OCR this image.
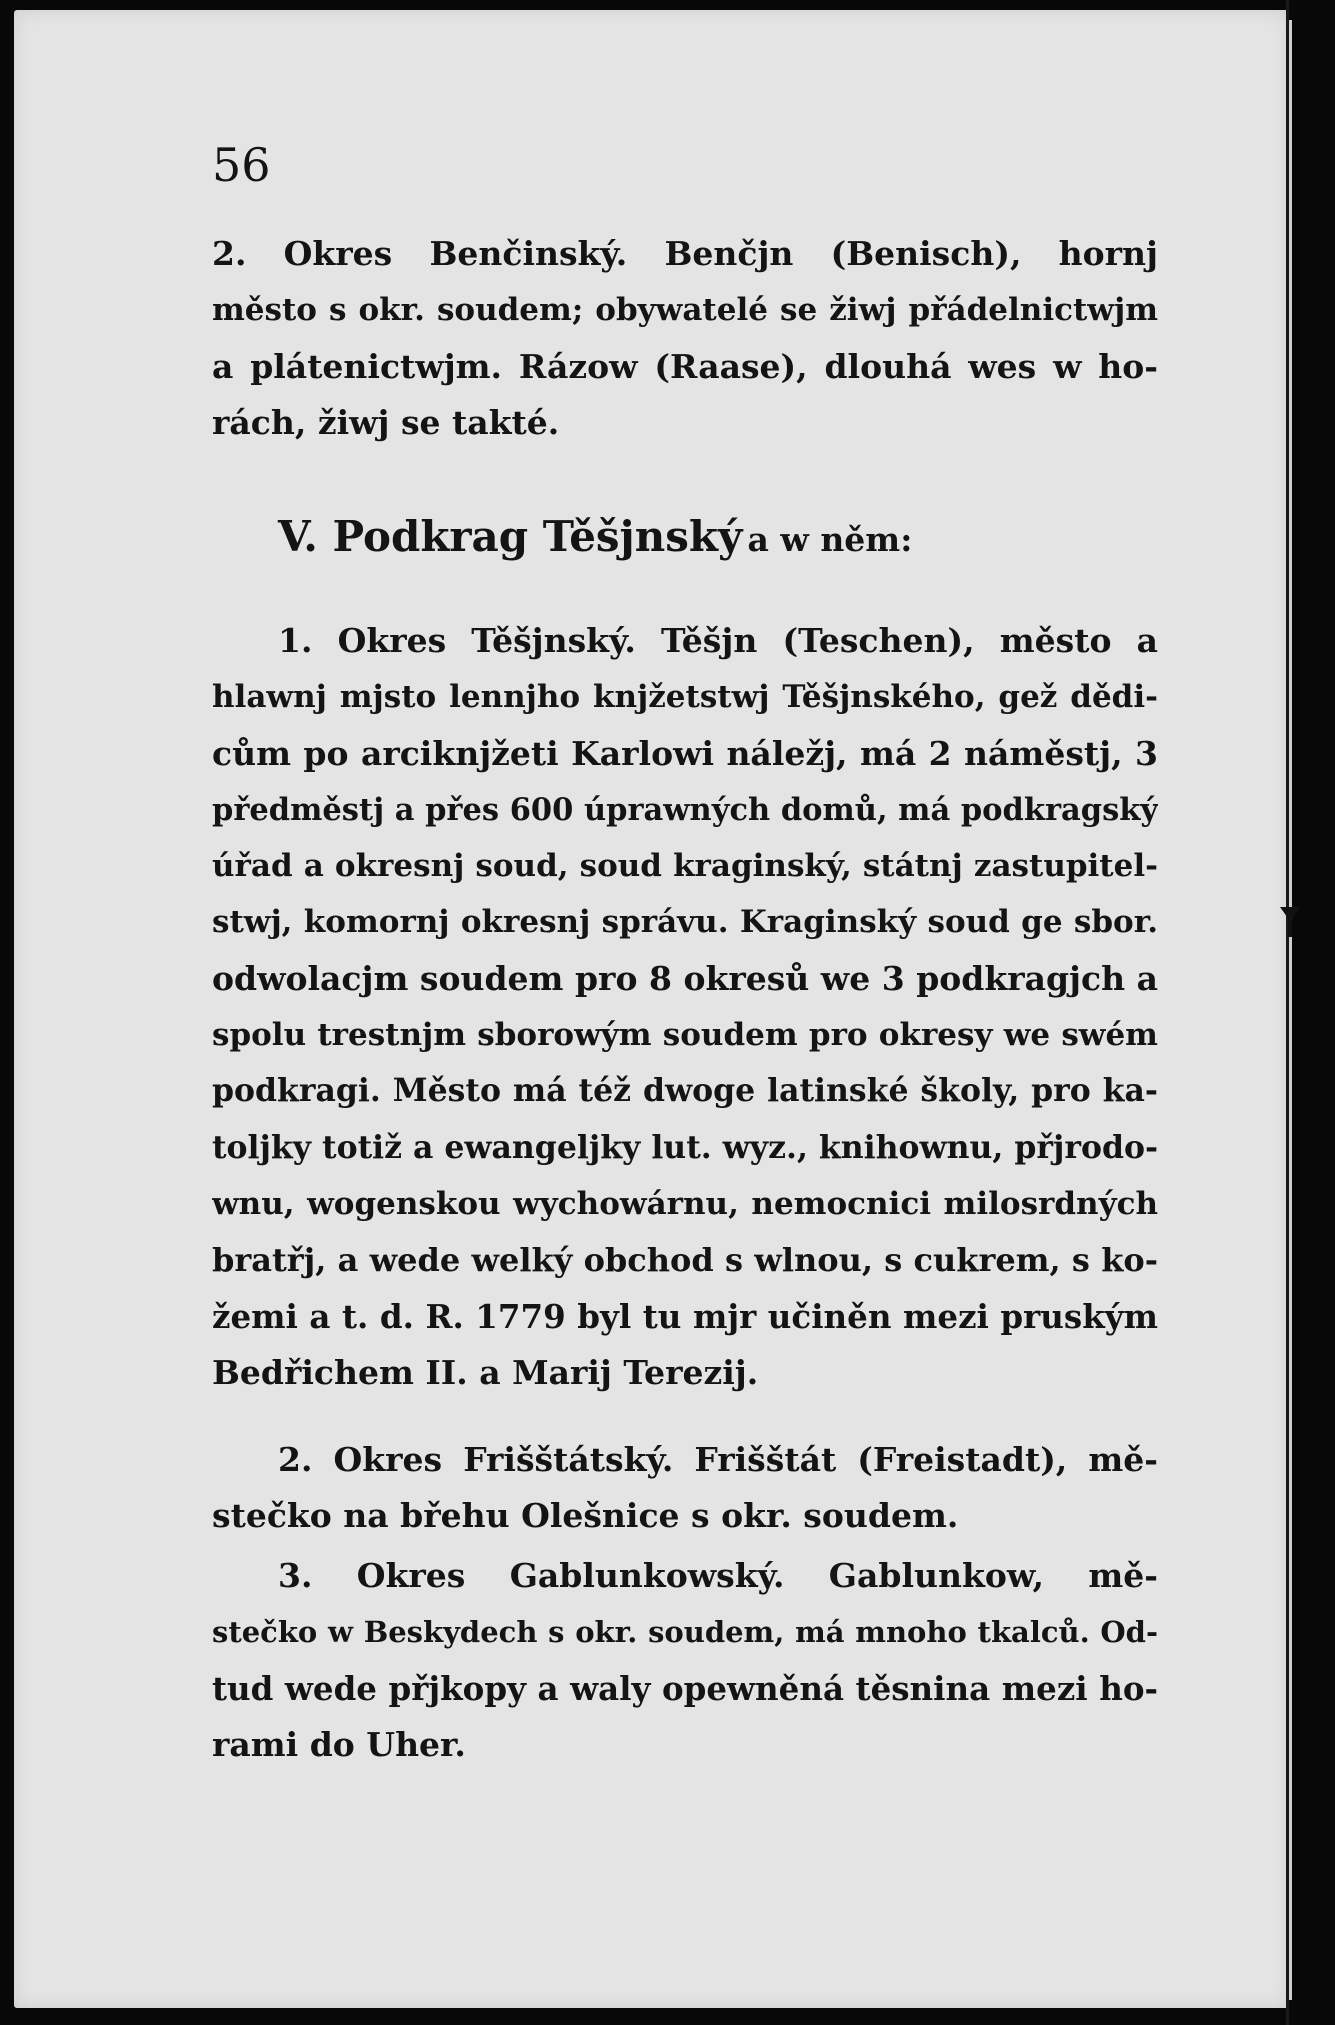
56
2. Okres Benčinský. Benčjn (Benisch), hornj
město s okr. soudem; obywatelé se žiwj přádelnictwjm
a plátenictwjm. Rázow (Raase), dlouhá wes w ho-
rách, žiwj se takté.
V. Podkrag Těšjnský a w něm:
1. Okres Těšjnský. Těšjn (Teschen), město a
hlawnj mjsto lennjho knjžetstwj Těšjnského, gež dědi-
cům po arciknjžeti Karlowi náležj, má 2 náměstj, 3
předměstj a přes 600 úprawných domů, má podkragský
úřad a okresnj soud, soud kraginský, státnj zastupitel-
stwj, komornj okresnj správu. Kraginský soud ge sbor.
odwolacjm soudem pro 8 okresů we 3 podkragjch a
spolu trestnjm sborowým soudem pro okresy we swém
podkragi. Město má též dwoge latinské školy, pro ka-
toljky totiž a ewangeljky lut. wyz., knihownu, přjrodo-
wnu, wogenskou wychowárnu, nemocnici milosrdných
bratřj, a wede welký obchod s wlnou, s cukrem, s ko-
žemi a t. d. R. 1779 byl tu mjr učiněn mezi pruským
Bedřichem II. a Marij Terezij.
2. Okres Frišštátský. Frišštát (Freistadt), mě-
stečko na břehu Olešnice s okr. soudem.
3. Okres Gablunkowský. Gablunkow, mě-
stečko w Beskydech s okr. soudem, má mnoho tkalců. Od-
tud wede přjkopy a waly opewněná těsnina mezi ho-
rami do Uher.
